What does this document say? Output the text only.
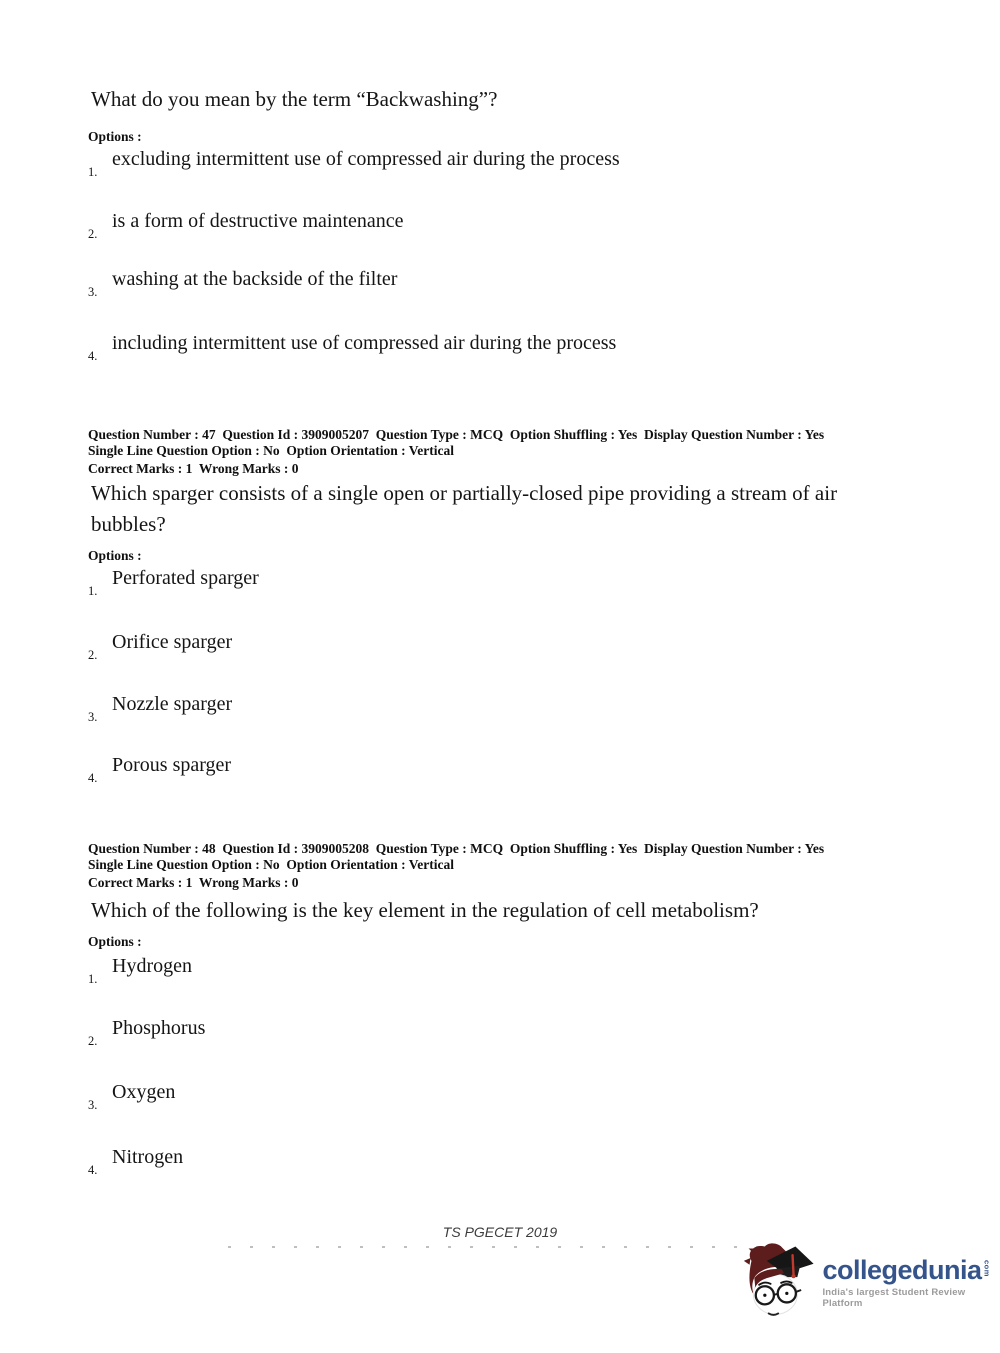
What do you mean by the term “Backwashing”?
Options :
1.
excluding intermittent use of compressed air during the process
2.
is a form of destructive maintenance
3.
washing at the backside of the filter
4.
including intermittent use of compressed air during the process
Question Number : 47  Question Id : 3909005207  Question Type : MCQ  Option Shuffling : Yes  Display Question Number : Yes
Single Line Question Option : No  Option Orientation : Vertical
Correct Marks : 1  Wrong Marks : 0
Which sparger consists of a single open or partially-closed pipe providing a stream of air bubbles?
Options :
1.
Perforated sparger
2.
Orifice sparger
3.
Nozzle sparger
4.
Porous sparger
Question Number : 48  Question Id : 3909005208  Question Type : MCQ  Option Shuffling : Yes  Display Question Number : Yes
Single Line Question Option : No  Option Orientation : Vertical
Correct Marks : 1  Wrong Marks : 0
Which of the following is the key element in the regulation of cell metabolism?
Options :
1.
Hydrogen
2.
Phosphorus
3.
Oxygen
4.
Nitrogen
TS PGECET 2019
collegedunia com
India's largest Student Review Platform
